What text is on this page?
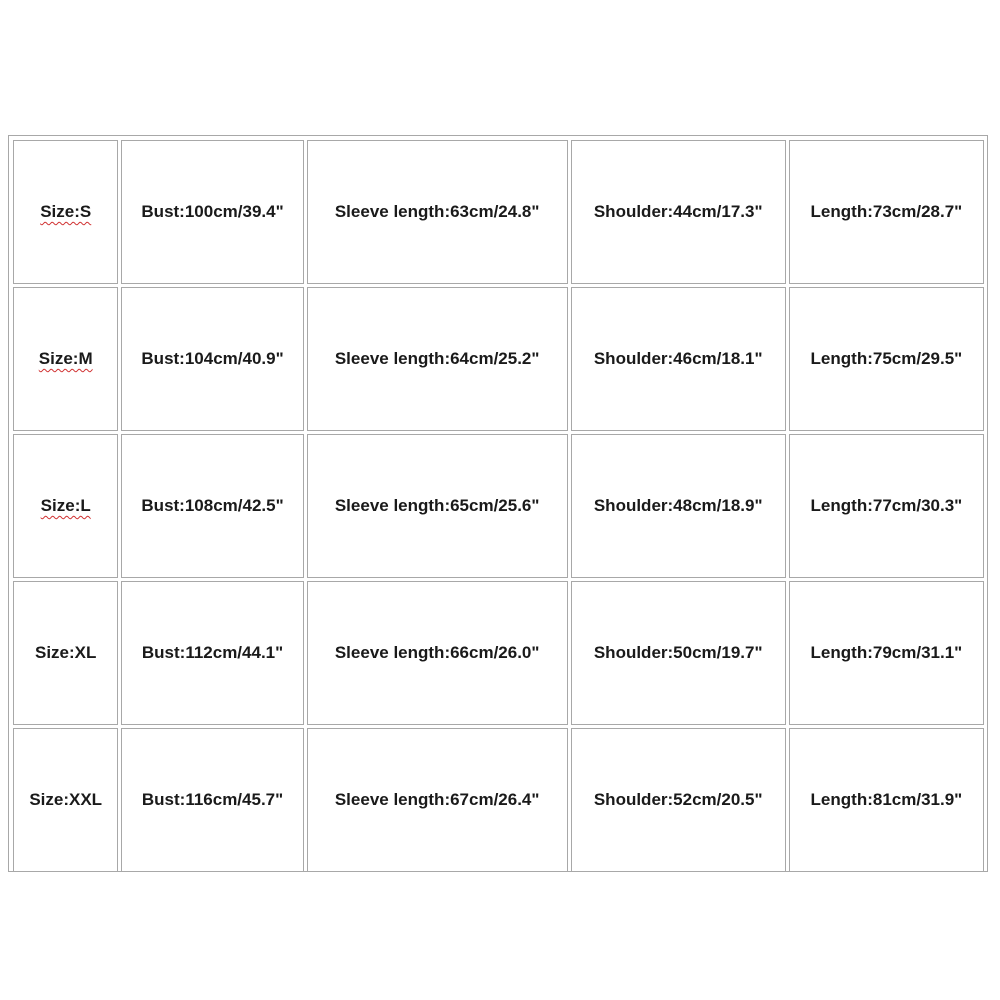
Size:S	Bust:100cm/39.4"	Sleeve length:63cm/24.8"	Shoulder:44cm/17.3"	Length:73cm/28.7"
Size:M	Bust:104cm/40.9"	Sleeve length:64cm/25.2"	Shoulder:46cm/18.1"	Length:75cm/29.5"
Size:L	Bust:108cm/42.5"	Sleeve length:65cm/25.6"	Shoulder:48cm/18.9"	Length:77cm/30.3"
Size:XL	Bust:112cm/44.1"	Sleeve length:66cm/26.0"	Shoulder:50cm/19.7"	Length:79cm/31.1"
Size:XXL	Bust:116cm/45.7"	Sleeve length:67cm/26.4"	Shoulder:52cm/20.5"	Length:81cm/31.9"
